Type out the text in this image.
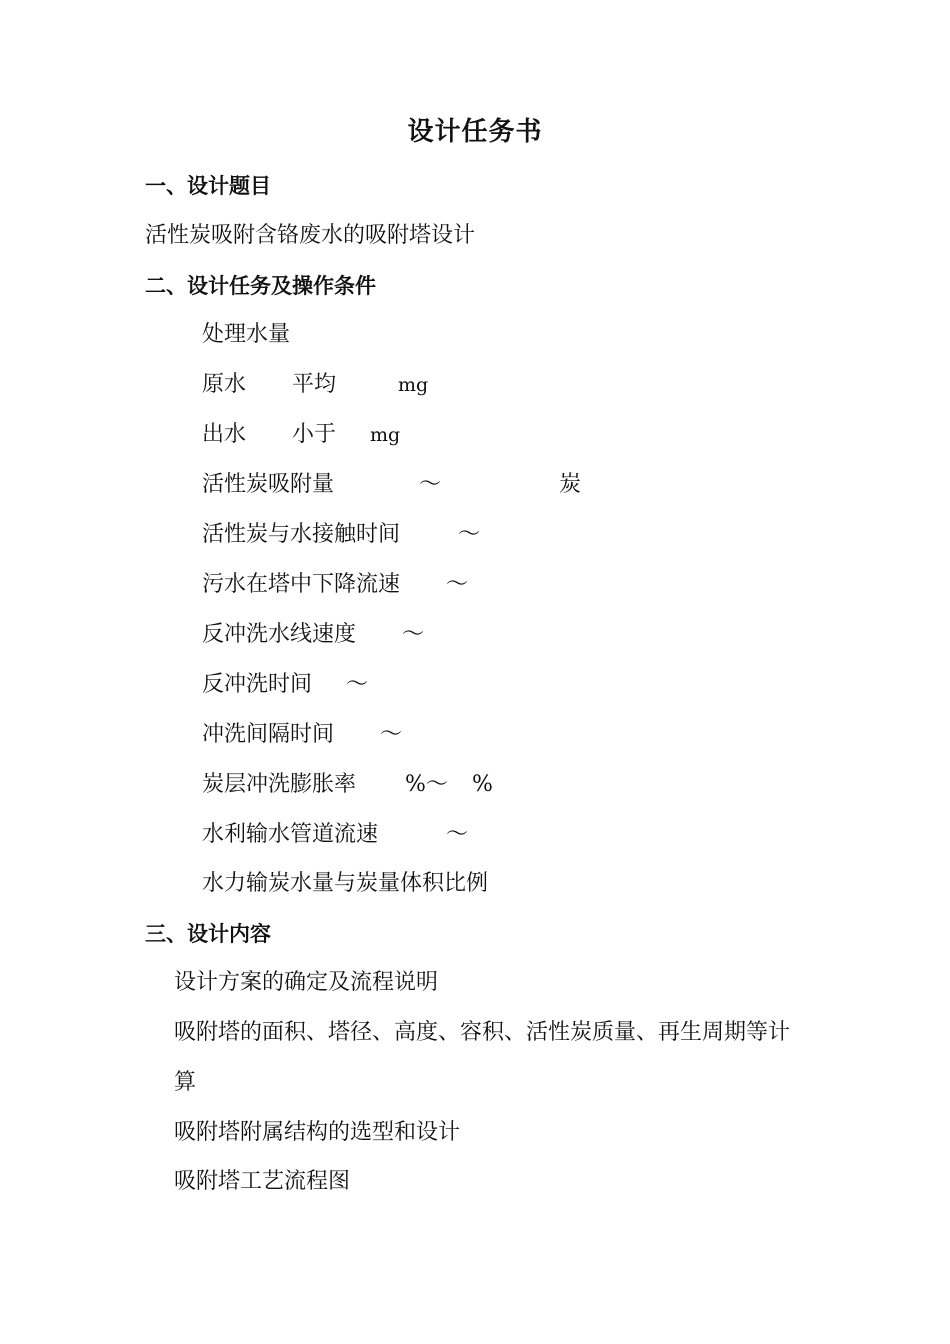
设计任务书
一、设计题目
活性炭吸附含铬废水的吸附塔设计
二、设计任务及操作条件
处理水量
原水 平均	mg
出水 小于 mg
活性炭吸附量	～	炭
活性炭与水接触时间	～
污水在塔中下降流速 ～
反冲洗水线速度 ～
反冲洗时间 ～
冲洗间隔时间 ～
炭层冲洗膨胀率 %～ %
水利输水管道流速	～
水力输炭水量与炭量体积比例
三、设计内容
设计方案的确定及流程说明
吸附塔的面积、塔径、高度、容积、活性炭质量、再生周期等计
算
吸附塔附属结构的选型和设计
吸附塔工艺流程图
